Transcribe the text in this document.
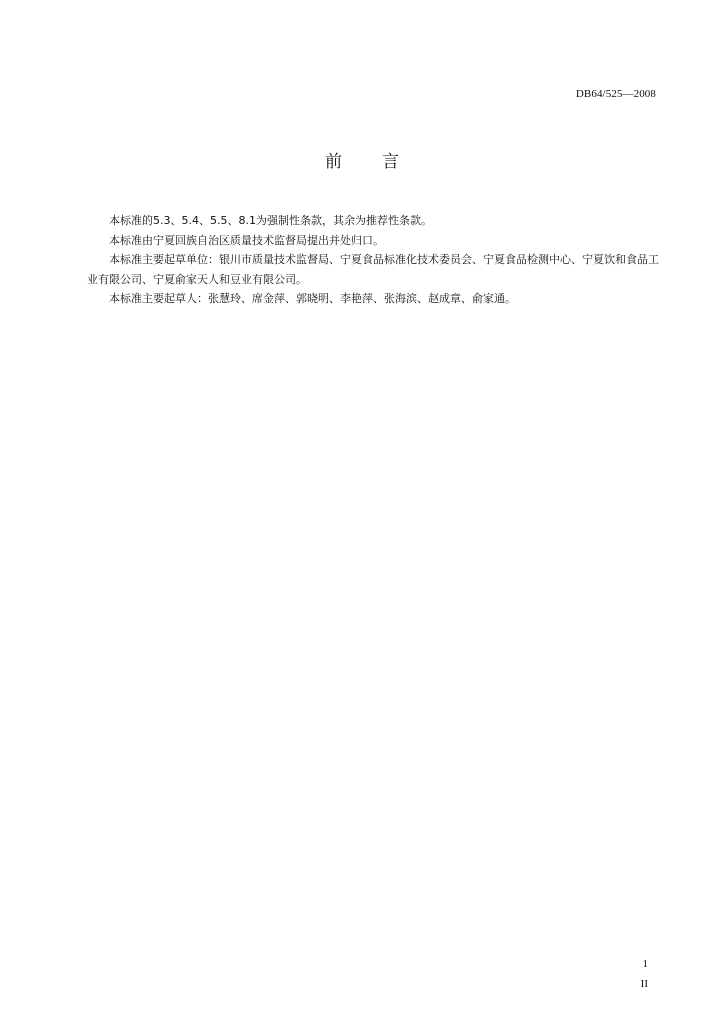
DB64/525—2008
前 言

本标准的5.3、5.4、5.5、8.1为强制性条款，其余为推荐性条款。

本标准由宁夏回族自治区质量技术监督局提出并处归口。

本标准主要起草单位：银川市质量技术监督局、宁夏食品标准化技术委员会、宁夏食品检测中心、宁夏饮和食品工业有限公司、宁夏俞家天人和豆业有限公司。

本标准主要起草人：张慧玲、席金萍、郭晓明、李艳萍、张海滨、赵成章、俞家通。

1
II
